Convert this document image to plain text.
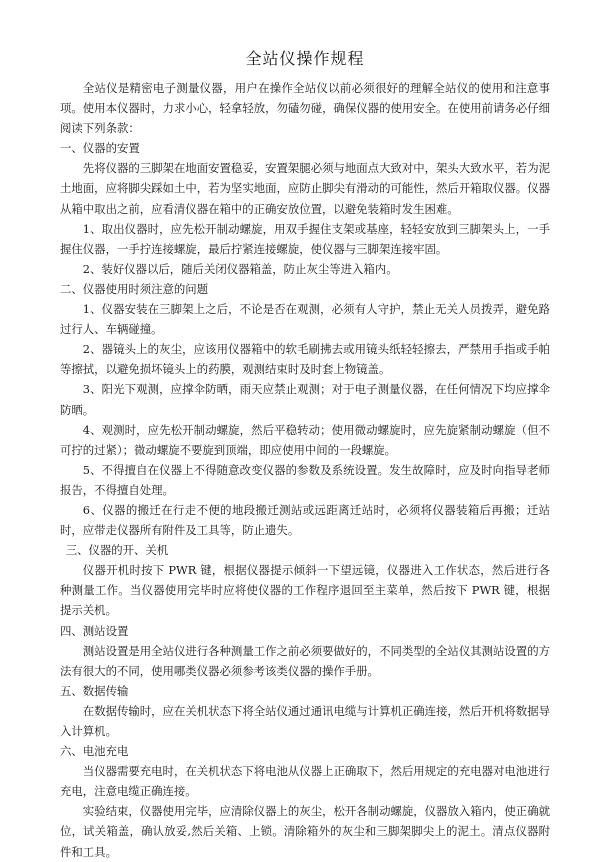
全站仪操作规程

全站仪是精密电子测量仪器，用户在操作全站仪以前必须很好的理解全站仪的使用和注意事项。使用本仪器时，力求小心，轻拿轻放，勿磕勿碰，确保仪器的使用安全。在使用前请务必仔细阅读下列条款：

一、仪器的安置

先将仪器的三脚架在地面安置稳妥，安置架腿必须与地面点大致对中，架头大致水平，若为泥土地面，应将脚尖踩如土中，若为坚实地面，应防止脚尖有滑动的可能性，然后开箱取仪器。仪器从箱中取出之前，应看清仪器在箱中的正确安放位置，以避免装箱时发生困难。

1、取出仪器时，应先松开制动螺旋，用双手握住支架或基座，轻轻安放到三脚架头上，一手握住仪器，一手拧连接螺旋，最后拧紧连接螺旋，使仪器与三脚架连接牢固。

2、装好仪器以后，随后关闭仪器箱盖，防止灰尘等进入箱内。

二、仪器使用时须注意的问题

1、仪器安装在三脚架上之后，不论是否在观测，必须有人守护，禁止无关人员拨弄，避免路过行人、车辆碰撞。

2、器镜头上的灰尘，应该用仪器箱中的软毛刷拂去或用镜头纸轻轻擦去，严禁用手指或手帕等擦拭，以避免损坏镜头上的药膜，观测结束时及时套上物镜盖。

3、阳光下观测，应撑伞防晒，雨天应禁止观测；对于电子测量仪器，在任何情况下均应撑伞防晒。

4、观测时，应先松开制动螺旋，然后平稳转动；使用微动螺旋时，应先旋紧制动螺旋（但不可拧的过紧）；微动螺旋不要旋到顶端，即应使用中间的一段螺旋。

5、不得擅自在仪器上不得随意改变仪器的参数及系统设置。发生故障时，应及时向指导老师报告，不得擅自处理。

6、仪器的搬迁在行走不便的地段搬迁测站或远距离迁站时，必须将仪器装箱后再搬；迁站时，应带走仪器所有附件及工具等，防止遗失。

三、仪器的开、关机

仪器开机时按下 PWR 键，根据仪器提示倾斜一下望远镜，仪器进入工作状态，然后进行各种测量工作。当仪器使用完毕时应将使仪器的工作程序退回至主菜单，然后按下 PWR 键，根据提示关机。

四、测站设置

测站设置是用全站仪进行各种测量工作之前必须要做好的，不同类型的全站仪其测站设置的方法有很大的不同，使用哪类仪器必须参考该类仪器的操作手册。

五、数据传输

在数据传输时，应在关机状态下将全站仪通过通讯电缆与计算机正确连接，然后开机将数据导入计算机。

六、电池充电

当仪器需要充电时，在关机状态下将电池从仪器上正确取下，然后用规定的充电器对电池进行充电，注意电缆正确连接。

实验结束，仪器使用完毕，应清除仪器上的灰尘，松开各制动螺旋，仪器放入箱内，使正确就位，试关箱盖，确认放妥,然后关箱、上锁。清除箱外的灰尘和三脚架脚尖上的泥土。清点仪器附件和工具。
